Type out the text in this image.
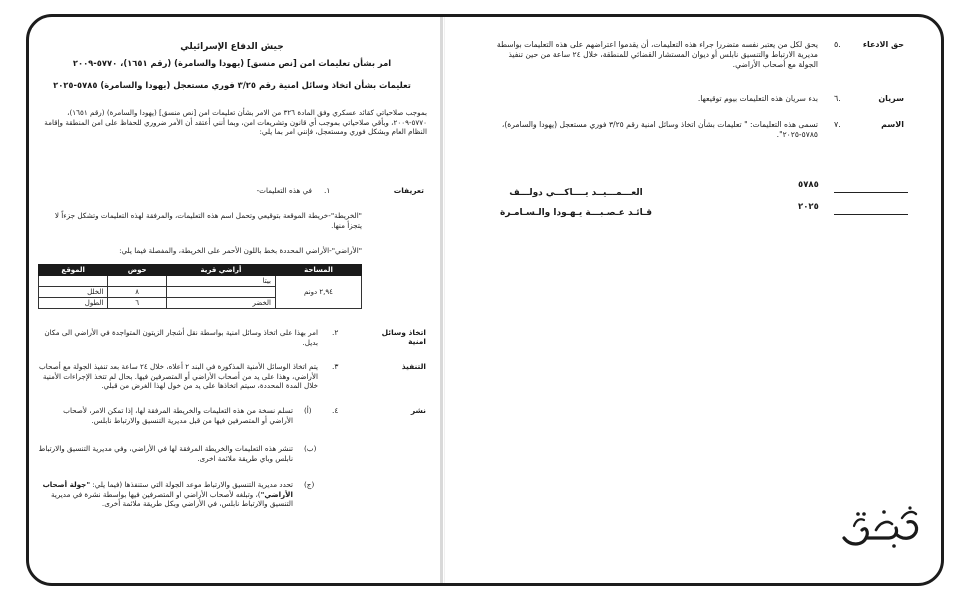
جيش الدفاع الإسرائيلي
امر بشأن تعليمات امن [نص منسق] (يهودا والسامرة) (رقم ١٦٥١)، ٥٧٧٠-٢٠٠٩
تعليمات بشأن اتخاذ وسائل امنية رقم ٣/٢٥ فوري مستعجل (يهودا والسامرة) ٥٧٨٥-٢٠٢٥
بموجب صلاحياتي كقائد عسكري وفق المادة ٣٢٦ من الامر بشأن تعليمات امن [نص منسق] (يهودا والسامرة) (رقم ١٦٥١)، ٥٧٧٠-٢٠٠٩، وبأقي صلاحياتي بموجب أي قانون وتشريعات امن، وبما أنني أعتقد أن الأمر ضروري للحفاظ على امن المنطقة وإقامة النظام العام وبشكل فوري ومستعجل، فإنني امر بما يلي:
تعريفات
١.
في هذه التعليمات-
"الخريطة"-خريطة الموقعة بتوقيعي وتحمل اسم هذه التعليمات، والمرفقة لهذه التعليمات وتشكل جزءاً لا يتجزأ منها.
"الأراضي"-الأراضي المحددة بخط باللون الأحمر على الخريطة، والمفصلة فيما يلي:
المساحة	أراضي قرية	حوض	الموقع
٢,٩٤ دونم	بيتا		
		٨	الخلل
	الخضر	٦	الطول
اتخاذ وسائل امنية
٢.
امر بهذا على اتخاذ وسائل امنية بواسطة نقل أشجار الزيتون المتواجدة في الأراضي الى مكان بديل.
التنفيذ
٣.
يتم اتخاذ الوسائل الأمنية المذكورة في البند ٢ أعلاه، خلال ٢٤ ساعة بعد تنفيذ الجولة مع أصحاب الأراضي، وهذا على يد من أصحاب الأراضي أو المتصرفين فيها. بحال لم تتخذ الإجراءات الأمنية خلال المدة المحددة، سيتم اتخاذها على يد من خول لهذا الغرض من قبلي.
نشر
٤.
(أ)
تسلم نسخة من هذه التعليمات والخريطة المرفقة لها، إذا تمكن الامر، لأصحاب الأراضي أو المتصرفين فيها من قبل مديرية التنسيق والارتباط نابلس.
(ب)
تنشر هذه التعليمات والخريطة المرفقة لها في الأراضي، وفي مديرية التنسيق والارتباط نابلس وباي طريقة ملائمة اخرى.
(ج)
تحدد مديرية التنسيق والارتباط موعد الجولة التي ستنفذها (فيما يلي: "جولة أصحاب الأراضي")، وتبلغه لأصحاب الأراضي او المتصرفين فيها بواسطة نشرة في مديرية التنسيق والارتباط نابلس، في الأراضي وبكل طريقة ملائمة أخرى.
حق الادعاء
٥.
يحق لكل من يعتبر نفسه متضررا جراء هذه التعليمات، أن يقدموا اعتراضهم على هذه التعليمات بواسطة مديرية الارتباط والتنسيق نابلس أو ديوان المستشار القضائي للمنطقة، خلال ٢٤ ساعة من حين تنفيذ الجولة مع أصحاب الأراضي.
سريان
٦.
بدء سريان هذه التعليمات بيوم توقيعها.
الاسم
٧.
تسمى هذه التعليمات: " تعليمات بشأن اتخاذ وسائل امنية رقم ٣/٢٥ فوري مستعجل (يهودا والسامرة)، ٥٧٨٥-٢٠٢٥".
٥٧٨٥
٢٠٢٥
العـــمـــيــد يــــاكـــي دولـــف
قـائـد عـصـبـــة يـهـودا والـسـامـرة
